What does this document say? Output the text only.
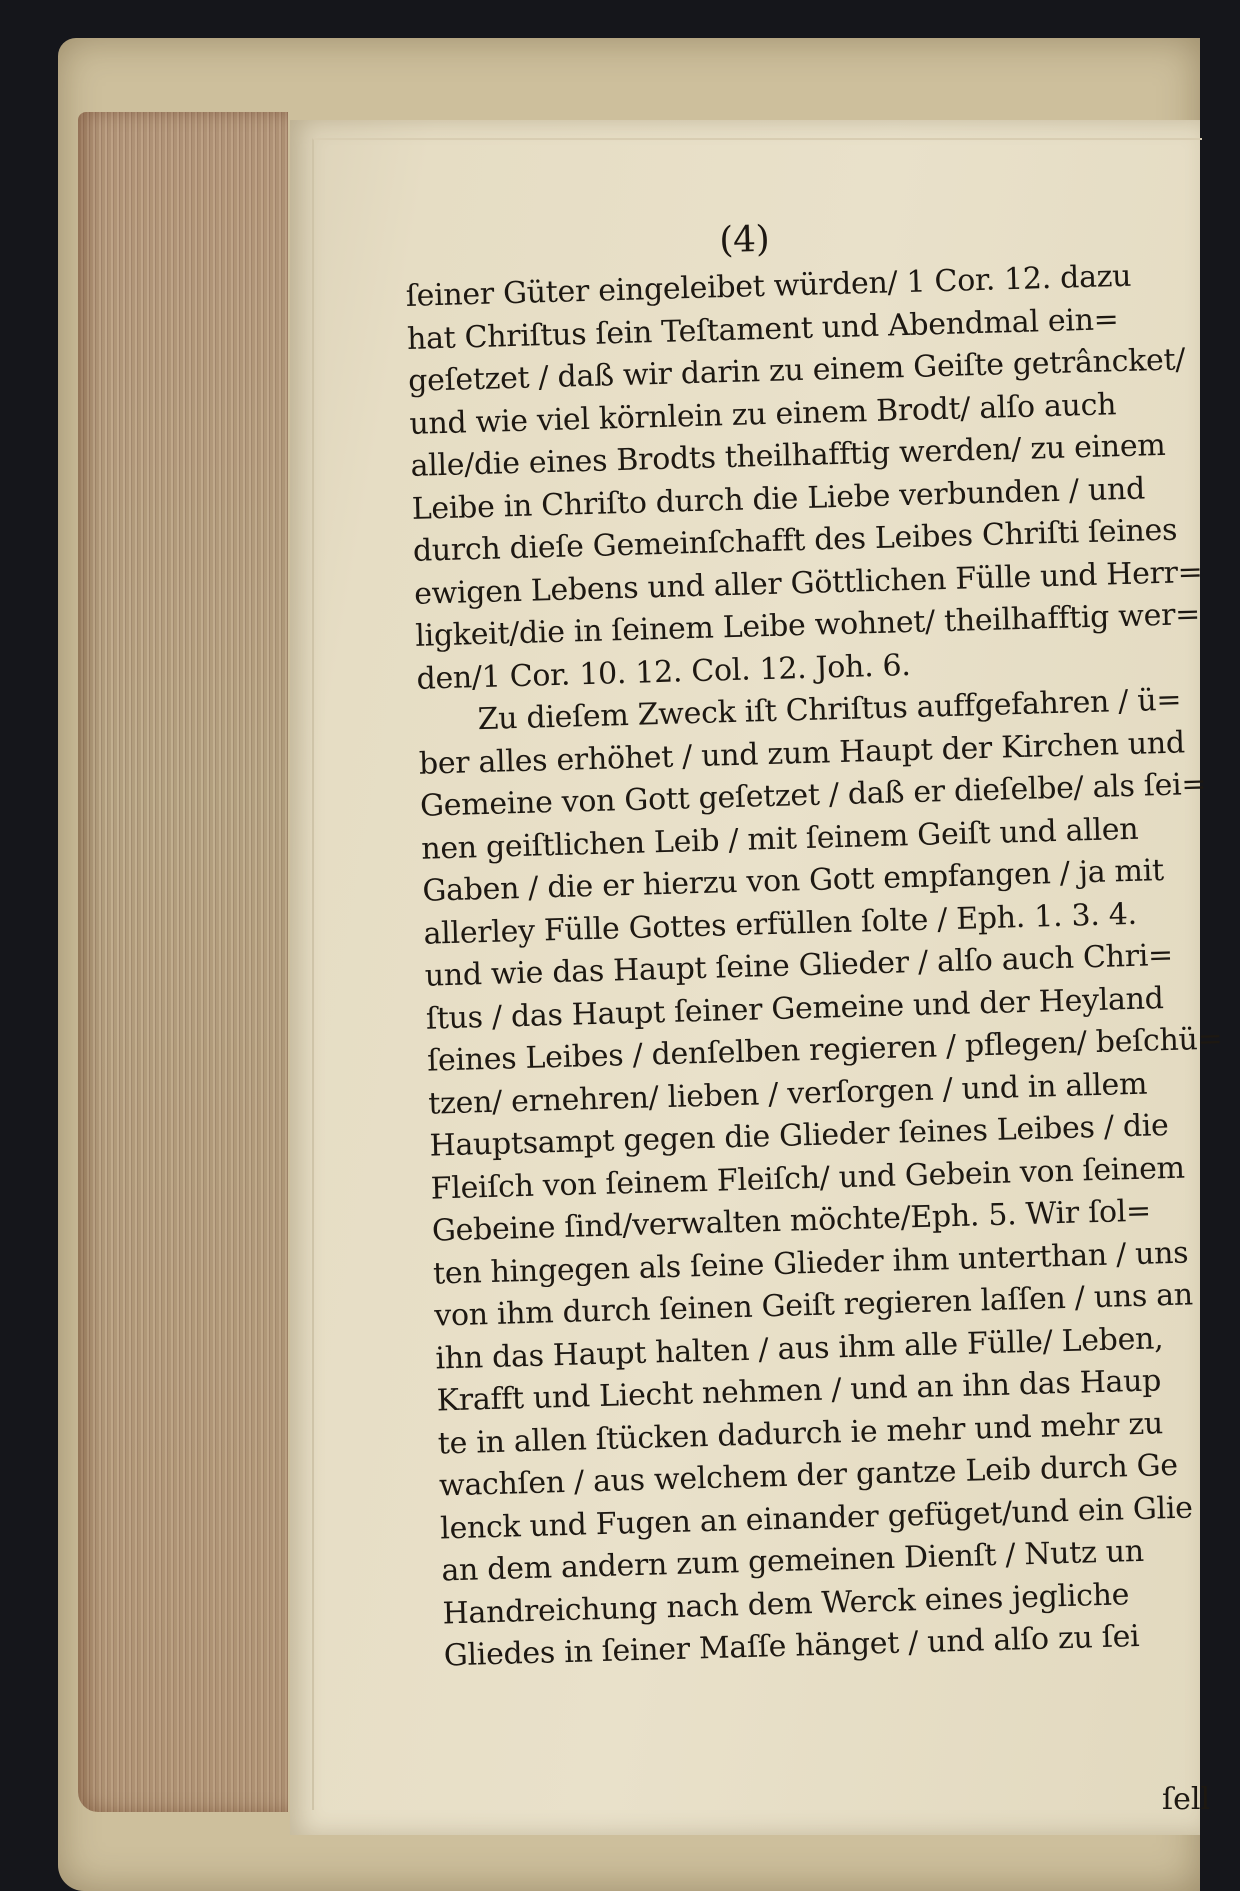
(4)
ſeiner Güter eingeleibet würden/ 1 Cor. 12. dazu
hat Chriſtus ſein Teſtament und Abendmal ein=
geſetzet / daß wir darin zu einem Geiſte getrâncket/
und wie viel körnlein zu einem Brodt/ alſo auch
alle/die eines Brodts theilhafftig werden/ zu einem
Leibe in Chriſto durch die Liebe verbunden / und
durch dieſe Gemeinſchafft des Leibes Chriſti ſeines
ewigen Lebens und aller Göttlichen Fülle und Herr=
ligkeit/die in ſeinem Leibe wohnet/ theilhafftig wer=
den/1 Cor. 10. 12. Col. 12. Joh. 6.
Zu dieſem Zweck iſt Chriſtus auffgefahren / ü=
ber alles erhöhet / und zum Haupt der Kirchen und
Gemeine von Gott geſetzet / daß er dieſelbe/ als ſei=
nen geiſtlichen Leib / mit ſeinem Geiſt und allen
Gaben / die er hierzu von Gott empfangen / ja mit
allerley Fülle Gottes erfüllen ſolte / Eph. 1. 3. 4.
und wie das Haupt ſeine Glieder / alſo auch Chri=
ſtus / das Haupt ſeiner Gemeine und der Heyland
ſeines Leibes / denſelben regieren / pflegen/ beſchü=
tzen/ ernehren/ lieben / verſorgen / und in allem
Hauptsampt gegen die Glieder ſeines Leibes / die
Fleiſch von ſeinem Fleiſch/ und Gebein von ſeinem
Gebeine ſind/verwalten möchte/Eph. 5. Wir ſol=
ten hingegen als ſeine Glieder ihm unterthan / uns
von ihm durch ſeinen Geiſt regieren laſſen / uns an
ihn das Haupt halten / aus ihm alle Fülle/ Leben,
Krafft und Liecht nehmen / und an ihn das Haup
te in allen ſtücken dadurch ie mehr und mehr zu
wachſen / aus welchem der gantze Leib durch Ge
lenck und Fugen an einander gefüget/und ein Glie
an dem andern zum gemeinen Dienſt / Nutz un
Handreichung nach dem Werck eines jegliche
Gliedes in ſeiner Maſſe hänget / und alſo zu ſei
ſell
